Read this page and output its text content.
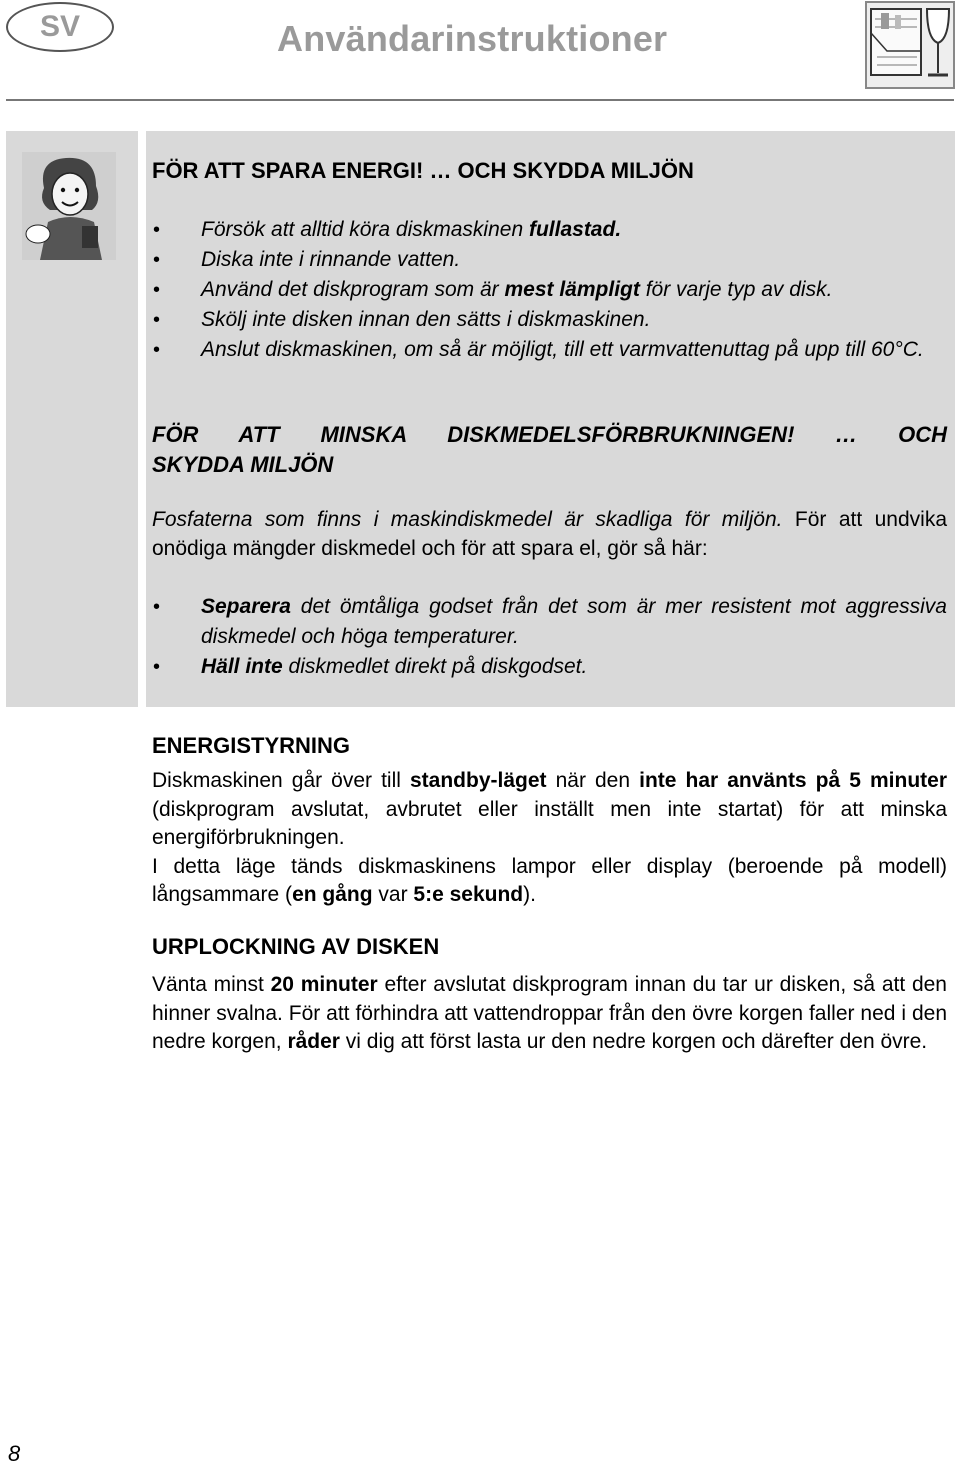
SV	Användarinstruktioner
FÖR ATT SPARA ENERGI! … OCH SKYDDA MILJÖN
• Försök att alltid köra diskmaskinen fullastad.
• Diska inte i rinnande vatten.
• Använd det diskprogram som är mest lämpligt för varje typ av disk.
• Skölj inte disken innan den sätts i diskmaskinen.
• Anslut diskmaskinen, om så är möjligt, till ett varmvattenuttag på upp till 60°C.
FÖR ATT MINSKA DISKMEDELSFÖRBRUKNINGEN! … OCH
SKYDDA MILJÖN
Fosfaterna som finns i maskindiskmedel är skadliga för miljön. För att undvika onödiga mängder diskmedel och för att spara el, gör så här:
• Separera det ömtåliga godset från det som är mer resistent mot aggressiva diskmedel och höga temperaturer.
• Häll inte diskmedlet direkt på diskgodset.
ENERGISTYRNING
Diskmaskinen går över till standby-läget när den inte har använts på 5 minuter (diskprogram avslutat, avbrutet eller inställt men inte startat) för att minska energiförbrukningen.
I detta läge tänds diskmaskinens lampor eller display (beroende på modell) långsammare (en gång var 5:e sekund).
URPLOCKNING AV DISKEN
Vänta minst 20 minuter efter avslutat diskprogram innan du tar ur disken, så att den hinner svalna. För att förhindra att vattendroppar från den övre korgen faller ned i den nedre korgen, råder vi dig att först lasta ur den nedre korgen och därefter den övre.
8
